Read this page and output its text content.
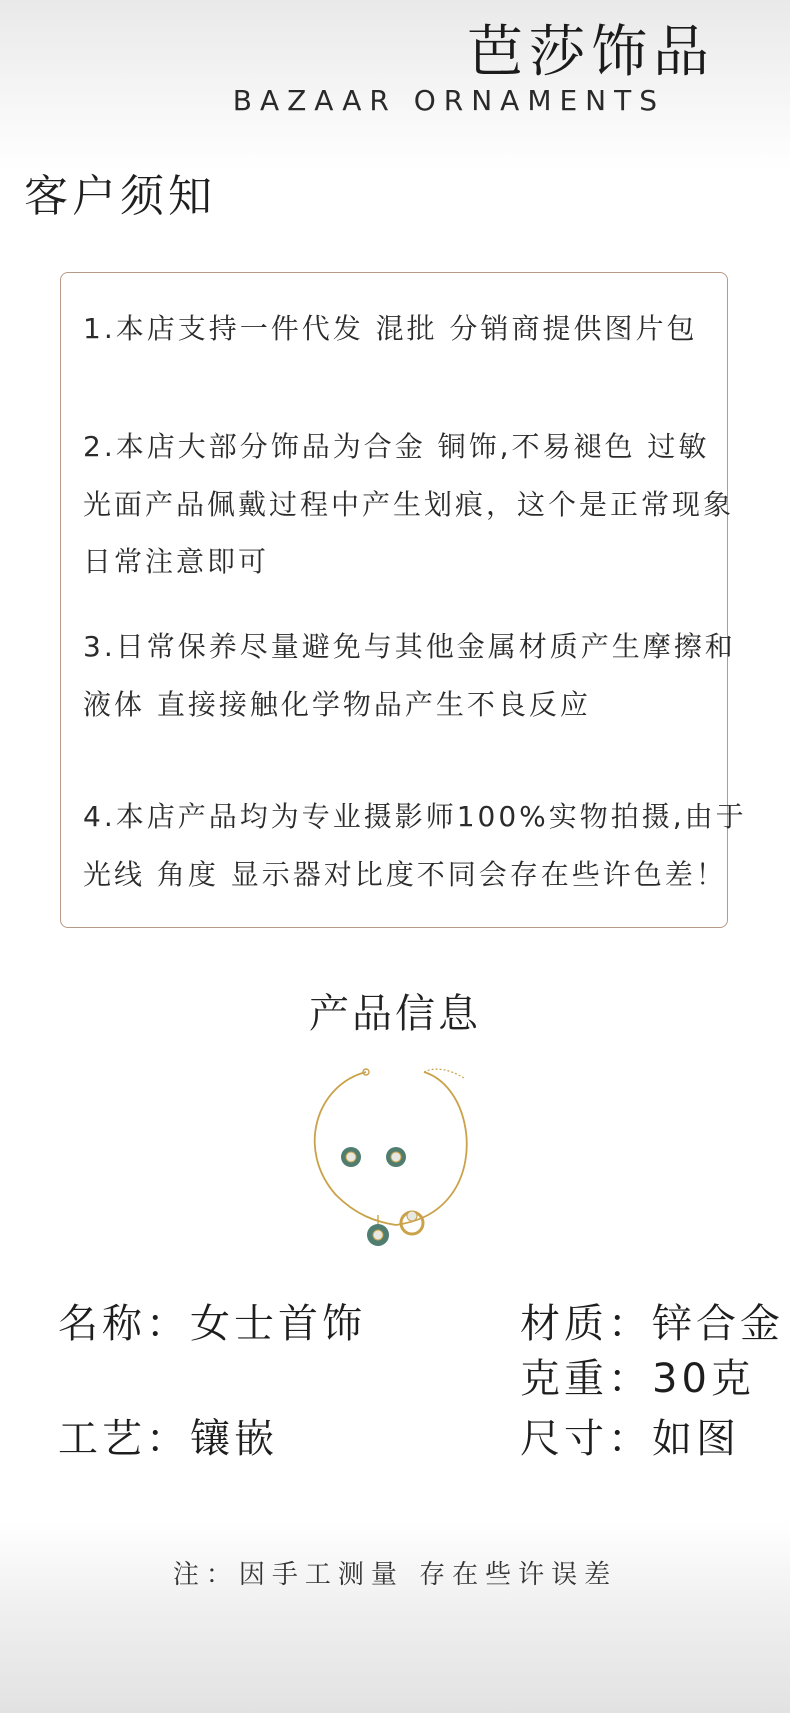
芭莎饰品
BAZAAR ORNAMENTS
客户须知
1.本店支持一件代发 混批 分销商提供图片包
2.本店大部分饰品为合金 铜饰,不易褪色 过敏
光面产品佩戴过程中产生划痕，这个是正常现象
日常注意即可
3.日常保养尽量避免与其他金属材质产生摩擦和
液体 直接接触化学物品产生不良反应
4.本店产品均为专业摄影师100%实物拍摄,由于
光线 角度 显示器对比度不同会存在些许色差！
产品信息
名称：女士首饰	材质：锌合金
克重：30克
工艺：镶嵌	尺寸：如图
注：因手工测量 存在些许误差
